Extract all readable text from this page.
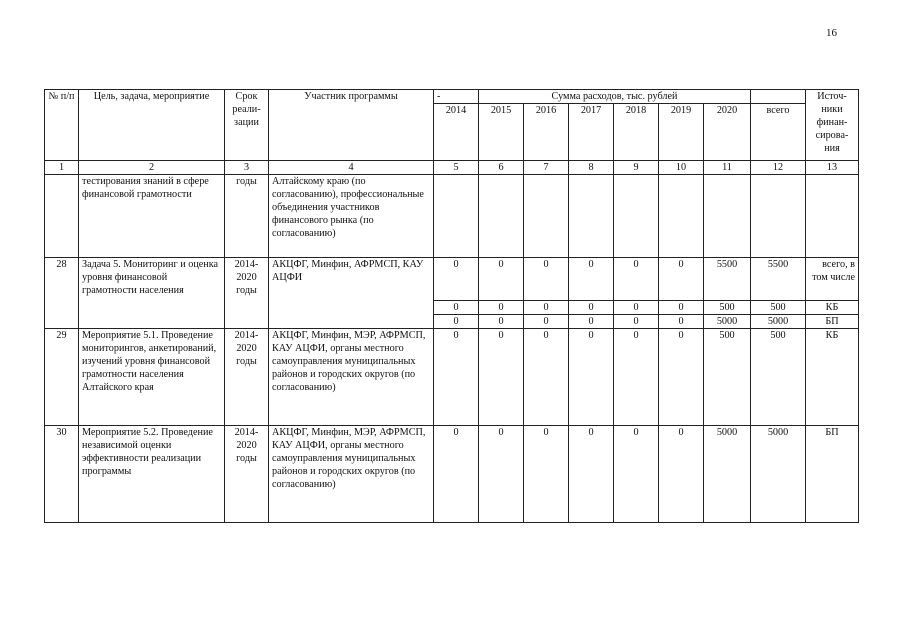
16
№ п/п	Цель, задача, мероприятие	Срок реали-зации	Участник программы	-	Сумма расходов, тыс. рублей							Источ-ники финан-сирова-ния
				2014	2015	2016	2017	2018	2019	2020	всего	
1	2	3	4	5	6	7	8	9	10	11	12	13
	тестирования знаний в сфере финансовой грамотности	годы	Алтайскому краю (по согласованию), профессиональные объединения участников финансового рынка (по согласованию)									
28	Задача 5. Мониторинг и оценка уровня финансовой грамотности населения	2014-2020 годы	АКЦФГ, Минфин, АФРМСП, КАУ АЦФИ	0	0	0	0	0	0	5500	5500	всего, в том числе
				0	0	0	0	0	0	500	500	КБ
				0	0	0	0	0	0	5000	5000	БП
29	Мероприятие 5.1. Проведение мониторингов, анкетирований, изучений уровня финансовой грамотности населения Алтайского края	2014-2020 годы	АКЦФГ, Минфин, МЭР, АФРМСП, КАУ АЦФИ, органы местного самоуправления муниципальных районов и городских округов (по согласованию)	0	0	0	0	0	0	500	500	КБ
30	Мероприятие 5.2. Проведение независимой оценки эффективности реализации программы	2014-2020 годы	АКЦФГ, Минфин, МЭР, АФРМСП, КАУ АЦФИ, органы местного самоуправления муниципальных районов и городских округов (по согласованию)	0	0	0	0	0	0	5000	5000	БП
